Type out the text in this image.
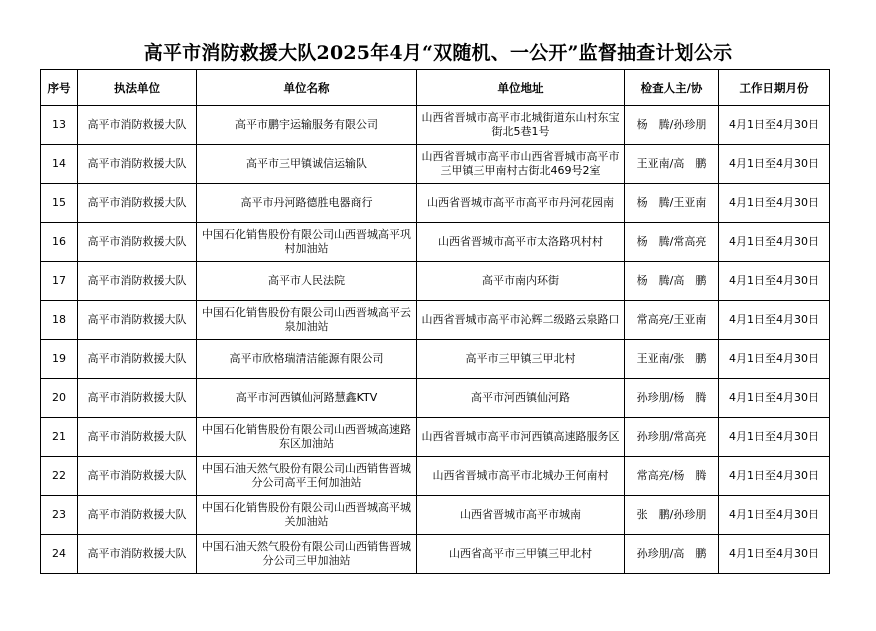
高平市消防救援大队2025年4月“双随机、一公开”监督抽查计划公示
序号	执法单位	单位名称	单位地址	检查人主/协	工作日期月份
13	高平市消防救援大队	高平市鹏宇运输服务有限公司	山西省晋城市高平市北城街道东山村东宝街北5巷1号	杨　腾/孙珍朋	4月1日至4月30日
14	高平市消防救援大队	高平市三甲镇诚信运输队	山西省晋城市高平市山西省晋城市高平市三甲镇三甲南村古街北469号2室	王亚南/高　鹏	4月1日至4月30日
15	高平市消防救援大队	高平市丹河路德胜电器商行	山西省晋城市高平市高平市丹河花园南	杨　腾/王亚南	4月1日至4月30日
16	高平市消防救援大队	中国石化销售股份有限公司山西晋城高平巩村加油站	山西省晋城市高平市太洛路巩村村	杨　腾/常高亮	4月1日至4月30日
17	高平市消防救援大队	高平市人民法院	高平市南内环街	杨　腾/高　鹏	4月1日至4月30日
18	高平市消防救援大队	中国石化销售股份有限公司山西晋城高平云泉加油站	山西省晋城市高平市沁辉二级路云泉路口	常高亮/王亚南	4月1日至4月30日
19	高平市消防救援大队	高平市欣格瑞清洁能源有限公司	高平市三甲镇三甲北村	王亚南/张　鹏	4月1日至4月30日
20	高平市消防救援大队	高平市河西镇仙河路慧鑫KTV	高平市河西镇仙河路	孙珍朋/杨　腾	4月1日至4月30日
21	高平市消防救援大队	中国石化销售股份有限公司山西晋城高速路东区加油站	山西省晋城市高平市河西镇高速路服务区	孙珍朋/常高亮	4月1日至4月30日
22	高平市消防救援大队	中国石油天然气股份有限公司山西销售晋城分公司高平王何加油站	山西省晋城市高平市北城办王何南村	常高亮/杨　腾	4月1日至4月30日
23	高平市消防救援大队	中国石化销售股份有限公司山西晋城高平城关加油站	山西省晋城市高平市城南	张　鹏/孙珍朋	4月1日至4月30日
24	高平市消防救援大队	中国石油天然气股份有限公司山西销售晋城分公司三甲加油站	山西省高平市三甲镇三甲北村	孙珍朋/高　鹏	4月1日至4月30日
